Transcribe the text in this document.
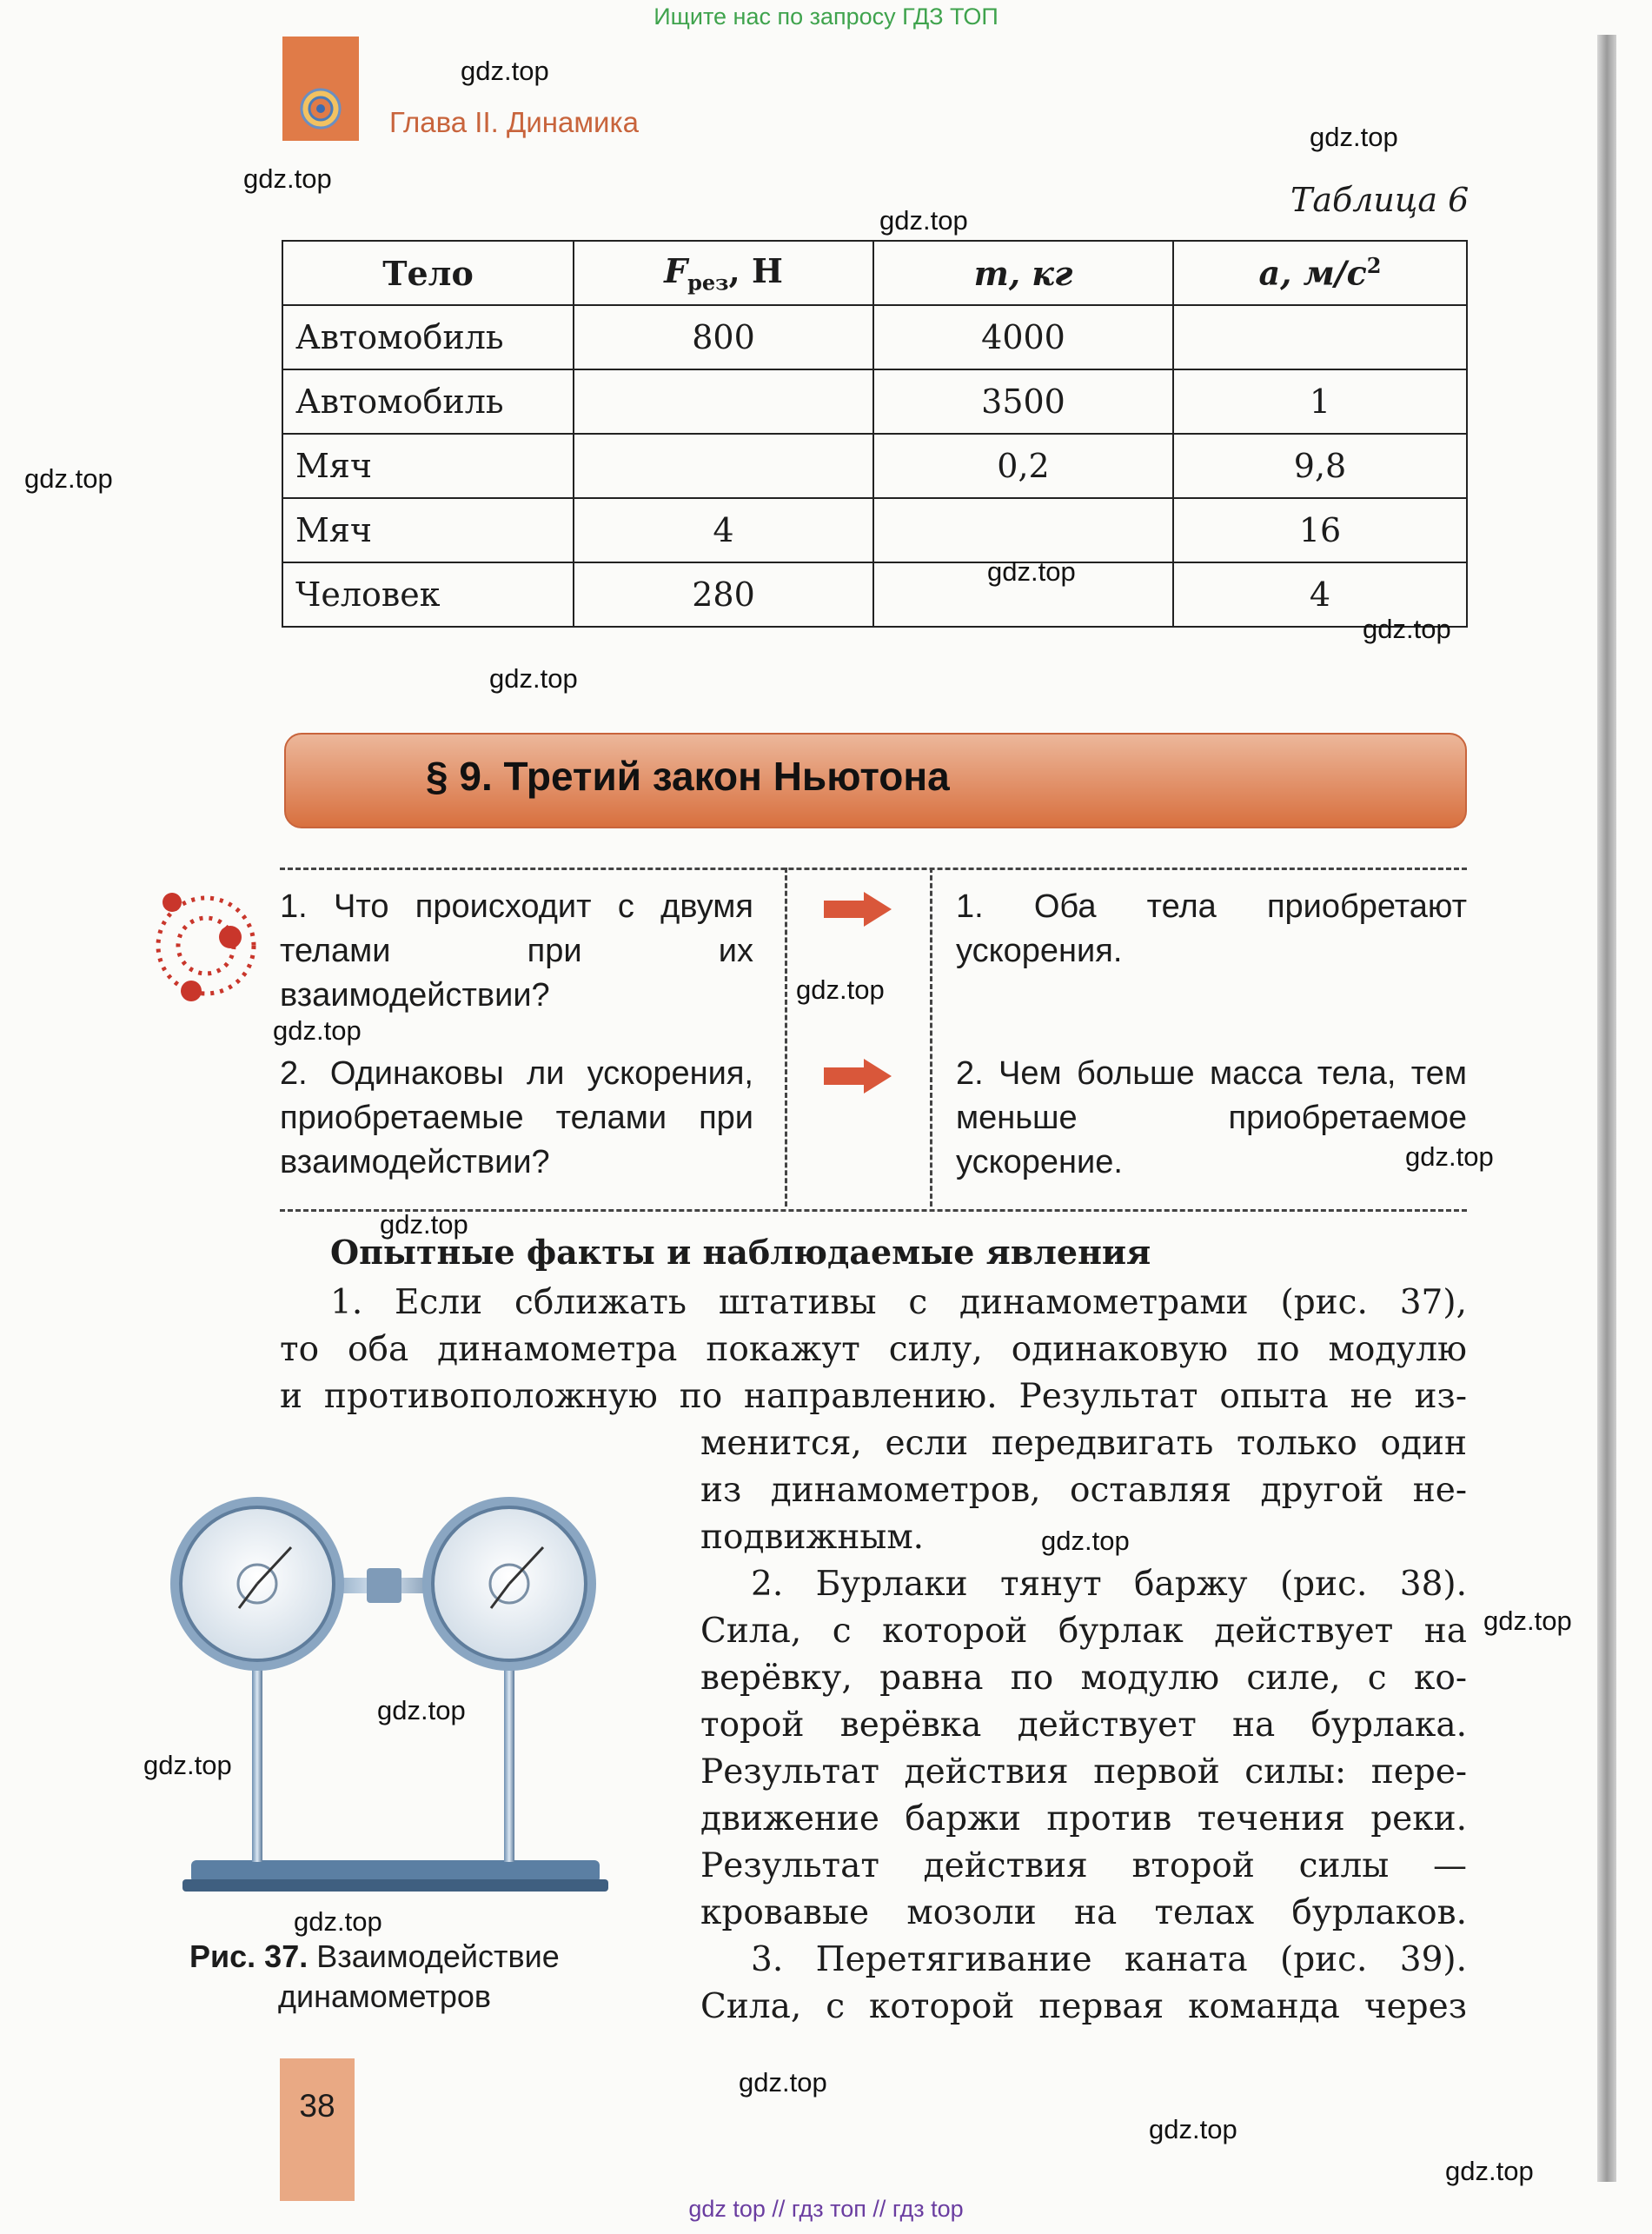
Ищите нас по запросу ГДЗ ТОП
Глава II. Динамика
Таблица 6
Тело	$F_{рез}$, Н	m, кг	a, $м/с^2$
Автомобиль	800	4000	
Автомобиль		3500	1
Мяч		0,2	9,8
Мяч	4		16
Человек	280		4
§ 9. Третий закон Ньютона
1. Что происходит с двумя телами при их взаимодействии?
1. Оба тела приобретают ускорения.
2. Одинаковы ли ускорения, приобретаемые телами при взаимодействии?
2. Чем больше масса тела, тем меньше приобретаемое ускорение.
Опытные факты и наблюдаемые явления
1. Если сближать штативы с динамометрами (рис. 37),
то оба динамометра покажут силу, одинаковую по модулю
и противоположную по направлению. Результат опыта не из-
менится, если передвигать только один
из динамометров, оставляя другой не-
подвижным.
2. Бурлаки тянут баржу (рис. 38).
Сила, с которой бурлак действует на
верёвку, равна по модулю силе, с ко-
торой верёвка действует на бурлака.
Результат действия первой силы: пере-
движение баржи против течения реки.
Результат действия второй силы —
кровавые мозоли на телах бурлаков.
3. Перетягивание каната (рис. 39).
Сила, с которой первая команда через
Рис. 37. Взаимодействие
динамометров
38
gdz.top
gdz.top
gdz.top
gdz.top
gdz.top
gdz.top
gdz.top
gdz.top
gdz.top
gdz.top
gdz.top
gdz.top
gdz.top
gdz.top
gdz.top
gdz.top
gdz.top
gdz.top
gdz.top
gdz.top
gdz top // гдз топ // гдз top
